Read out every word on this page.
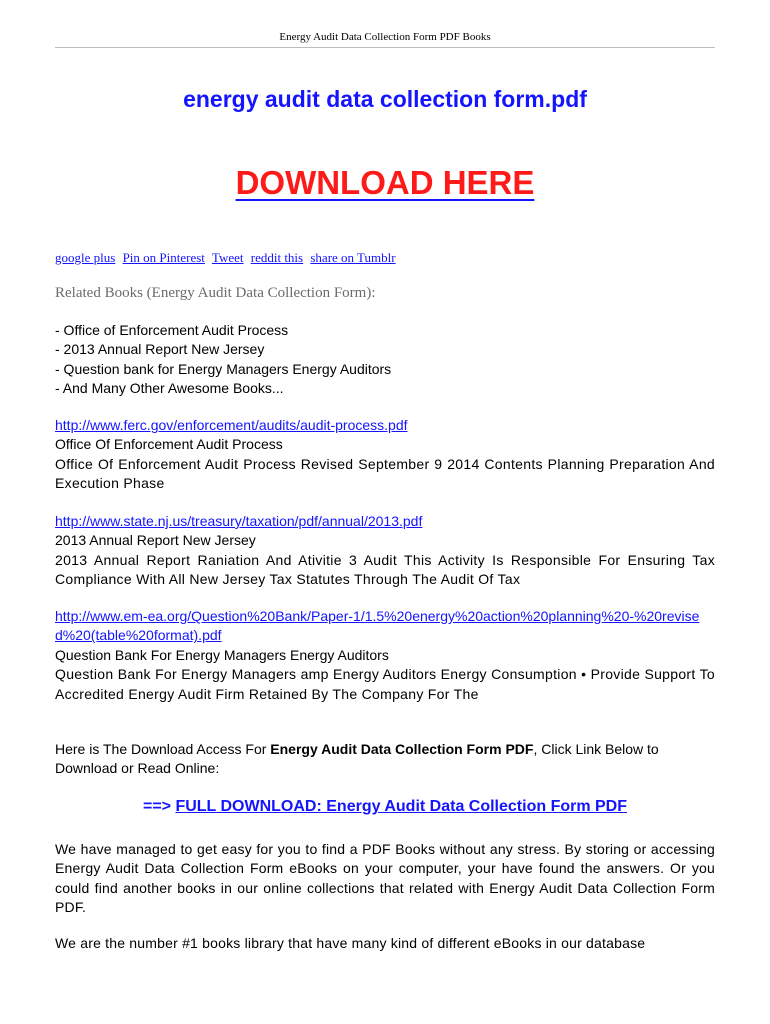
Energy Audit Data Collection Form PDF Books
energy audit data collection form.pdf
DOWNLOAD HERE
google plus Pin on Pinterest Tweet reddit this share on Tumblr
Related Books (Energy Audit Data Collection Form):
- Office of Enforcement Audit Process
- 2013 Annual Report New Jersey
- Question bank for Energy Managers Energy Auditors
- And Many Other Awesome Books...
http://www.ferc.gov/enforcement/audits/audit-process.pdf
Office Of Enforcement Audit Process
Office Of Enforcement Audit Process Revised September 9 2014 Contents Planning Preparation And Execution Phase
http://www.state.nj.us/treasury/taxation/pdf/annual/2013.pdf
2013 Annual Report New Jersey
2013 Annual Report Raniation And Ativitie 3 Audit This Activity Is Responsible For Ensuring Tax Compliance With All New Jersey Tax Statutes Through The Audit Of Tax
http://www.em-ea.org/Question%20Bank/Paper-1/1.5%20energy%20action%20planning%20-%20revised%20(table%20format).pdf
Question Bank For Energy Managers Energy Auditors
Question Bank For Energy Managers amp Energy Auditors Energy Consumption • Provide Support To Accredited Energy Audit Firm Retained By The Company For The
Here is The Download Access For Energy Audit Data Collection Form PDF, Click Link Below to Download or Read Online:
==> FULL DOWNLOAD: Energy Audit Data Collection Form PDF
We have managed to get easy for you to find a PDF Books without any stress. By storing or accessing Energy Audit Data Collection Form eBooks on your computer, your have found the answers. Or you could find another books in our online collections that related with Energy Audit Data Collection Form PDF.
We are the number #1 books library that have many kind of different eBooks in our database
